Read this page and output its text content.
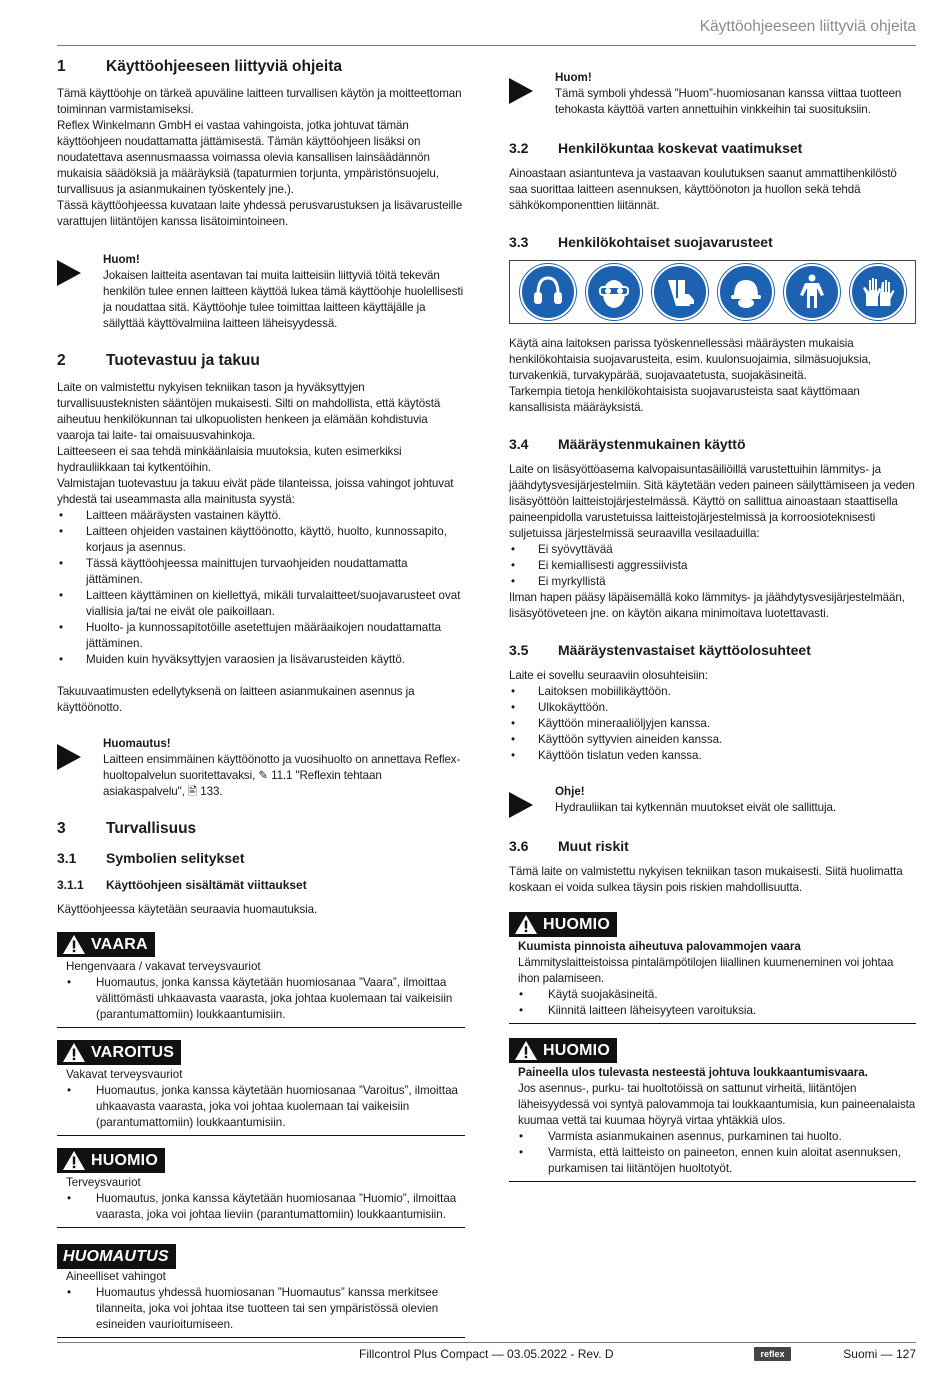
Käyttöohjeeseen liittyviä ohjeita
1	Käyttöohjeeseen liittyviä ohjeita

Tämä käyttöohje on tärkeä apuväline laitteen turvallisen käytön ja moitteettoman toiminnan varmistamiseksi.

Reflex Winkelmann GmbH ei vastaa vahingoista, jotka johtuvat tämän käyttöohjeen noudattamatta jättämisestä. Tämän käyttöohjeen lisäksi on noudatettava asennusmaassa voimassa olevia kansallisen lainsäädännön mukaisia säädöksiä ja määräyksiä (tapaturmien torjunta, ympäristönsuojelu, turvallisuus ja asianmukainen työskentely jne.).

Tässä käyttöohjeessa kuvataan laite yhdessä perusvarustuksen ja lisävarusteille varattujen liitäntöjen kanssa lisätoimintoineen.

Huom!

Jokaisen laitteita asentavan tai muita laitteisiin liittyviä töitä tekevän henkilön tulee ennen laitteen käyttöä lukea tämä käyttöohje huolellisesti ja noudattaa sitä. Käyttöohje tulee toimittaa laitteen käyttäjälle ja säilyttää käyttövalmiina laitteen läheisyydessä.

2	Tuotevastuu ja takuu

Laite on valmistettu nykyisen tekniikan tason ja hyväksyttyjen turvallisuusteknisten sääntöjen mukaisesti. Silti on mahdollista, että käytöstä aiheutuu henkilökunnan tai ulkopuolisten henkeen ja elämään kohdistuvia vaaroja tai laite- tai omaisuusvahinkoja.

Laitteeseen ei saa tehdä minkäänlaisia muutoksia, kuten esimerkiksi hydrauliikkaan tai kytkentöihin.

Valmistajan tuotevastuu ja takuu eivät päde tilanteissa, joissa vahingot johtuvat yhdestä tai useammasta alla mainitusta syystä:

• Laitteen määräysten vastainen käyttö.
• Laitteen ohjeiden vastainen käyttöönotto, käyttö, huolto, kunnossapito, korjaus ja asennus.
• Tässä käyttöohjeessa mainittujen turvaohjeiden noudattamatta jättäminen.
• Laitteen käyttäminen on kiellettyä, mikäli turvalaitteet/suojavarusteet ovat viallisia ja/tai ne eivät ole paikoillaan.
• Huolto- ja kunnossapitotöille asetettujen määräaikojen noudattamatta jättäminen.
• Muiden kuin hyväksyttyjen varaosien ja lisävarusteiden käyttö.

Takuuvaatimusten edellytyksenä on laitteen asianmukainen asennus ja käyttöönotto.

Huomautus!

Laitteen ensimmäinen käyttöönotto ja vuosihuolto on annettava Reflex-huoltopalvelun suoritettavaksi, ✎ 11.1 "Reflexin tehtaan asiakaspalvelu", 🖹 133.

3	Turvallisuus
3.1	Symbolien selitykset
3.1.1	Käyttöohjeen sisältämät viittaukset

Käyttöohjeessa käytetään seuraavia huomautuksia.

VAARA
Hengenvaara / vakavat terveysvauriot
• Huomautus, jonka kanssa käytetään huomiosanaa ”Vaara”, ilmoittaa välittömästi uhkaavasta vaarasta, joka johtaa kuolemaan tai vaikeisiin (parantumattomiin) loukkaantumisiin.
VAROITUS
Vakavat terveysvauriot
• Huomautus, jonka kanssa käytetään huomiosanaa ”Varoitus”, ilmoittaa uhkaavasta vaarasta, joka voi johtaa kuolemaan tai vaikeisiin (parantumattomiin) loukkaantumisiin.
HUOMIO
Terveysvauriot
• Huomautus, jonka kanssa käytetään huomiosanaa ”Huomio”, ilmoittaa vaarasta, joka voi johtaa lieviin (parantumattomiin) loukkaantumisiin.
HUOMAUTUS
Aineelliset vahingot
• Huomautus yhdessä huomiosanan ”Huomautus” kanssa merkitsee tilanneita, joka voi johtaa itse tuotteen tai sen ympäristössä olevien esineiden vaurioitumiseen.
Huom!

Tämä symboli yhdessä ”Huom”-huomiosanan kanssa viittaa tuotteen tehokasta käyttöä varten annettuihin vinkkeihin tai suosituksiin.

3.2	Henkilökuntaa koskevat vaatimukset

Ainoastaan asiantunteva ja vastaavan koulutuksen saanut ammattihenkilöstö saa suorittaa laitteen asennuksen, käyttöönoton ja huollon sekä tehdä sähkökomponenttien liitännät.

3.3	Henkilökohtaiset suojavarusteet

Käytä aina laitoksen parissa työskennellessäsi määräysten mukaisia henkilökohtaisia suojavarusteita, esim. kuulonsuojaimia, silmäsuojuksia, turvakenkiä, turvakypärää, suojavaatetusta, suojakäsineitä.

Tarkempia tietoja henkilökohtaisista suojavarusteista saat käyttömaan kansallisista määräyksistä.

3.4	Määräystenmukainen käyttö

Laite on lisäsyöttöasema kalvopaisuntasäiliöillä varustettuihin lämmitys- ja jäähdytysvesijärjestelmiin. Sitä käytetään veden paineen säilyttämiseen ja veden lisäsyöttöön laitteistojärjestelmässä. Käyttö on sallittua ainoastaan staattisella paineenpidolla varustetuissa laitteistojärjestelmissä ja korroosioteknisesti suljetuissa järjestelmissä seuraavilla vesilaaduilla:

• Ei syövyttävää
• Ei kemiallisesti aggressiivista
• Ei myrkyllistä

Ilman hapen pääsy läpäisemällä koko lämmitys- ja jäähdytysvesijärjestelmään, lisäsyötöveteen jne. on käytön aikana minimoitava luotettavasti.

3.5	Määräystenvastaiset käyttöolosuhteet

Laite ei sovellu seuraaviin olosuhteisiin:

• Laitoksen mobiilikäyttöön.
• Ulkokäyttöön.
• Käyttöön mineraaliöljyjen kanssa.
• Käyttöön syttyvien aineiden kanssa.
• Käyttöön tislatun veden kanssa.
Ohje!

Hydrauliikan tai kytkennän muutokset eivät ole sallittuja.

3.6	Muut riskit

Tämä laite on valmistettu nykyisen tekniikan tason mukaisesti. Siitä huolimatta koskaan ei voida sulkea täysin pois riskien mahdollisuutta.

HUOMIO
Kuumista pinnoista aiheutuva palovammojen vaara

Lämmityslaitteistoissa pintalämpötilojen liiallinen kuumeneminen voi johtaa ihon palamiseen.

• Käytä suojakäsineitä.
• Kiinnitä laitteen läheisyyteen varoituksia.
HUOMIO
Paineella ulos tulevasta nesteestä johtuva loukkaantumisvaara.

Jos asennus-, purku- tai huoltotöissä on sattunut virheitä, liitäntöjen läheisyydessä voi syntyä palovammoja tai loukkaantumisia, kun paineenalaista kuumaa vettä tai kuumaa höyryä virtaa yhtäkkiä ulos.

• Varmista asianmukainen asennus, purkaminen tai huolto.
• Varmista, että laitteisto on paineeton, ennen kuin aloitat asennuksen, purkamisen tai liitäntöjen huoltotyöt.
Fillcontrol Plus Compact — 03.05.2022 - Rev. D	reflex	Suomi — 127
